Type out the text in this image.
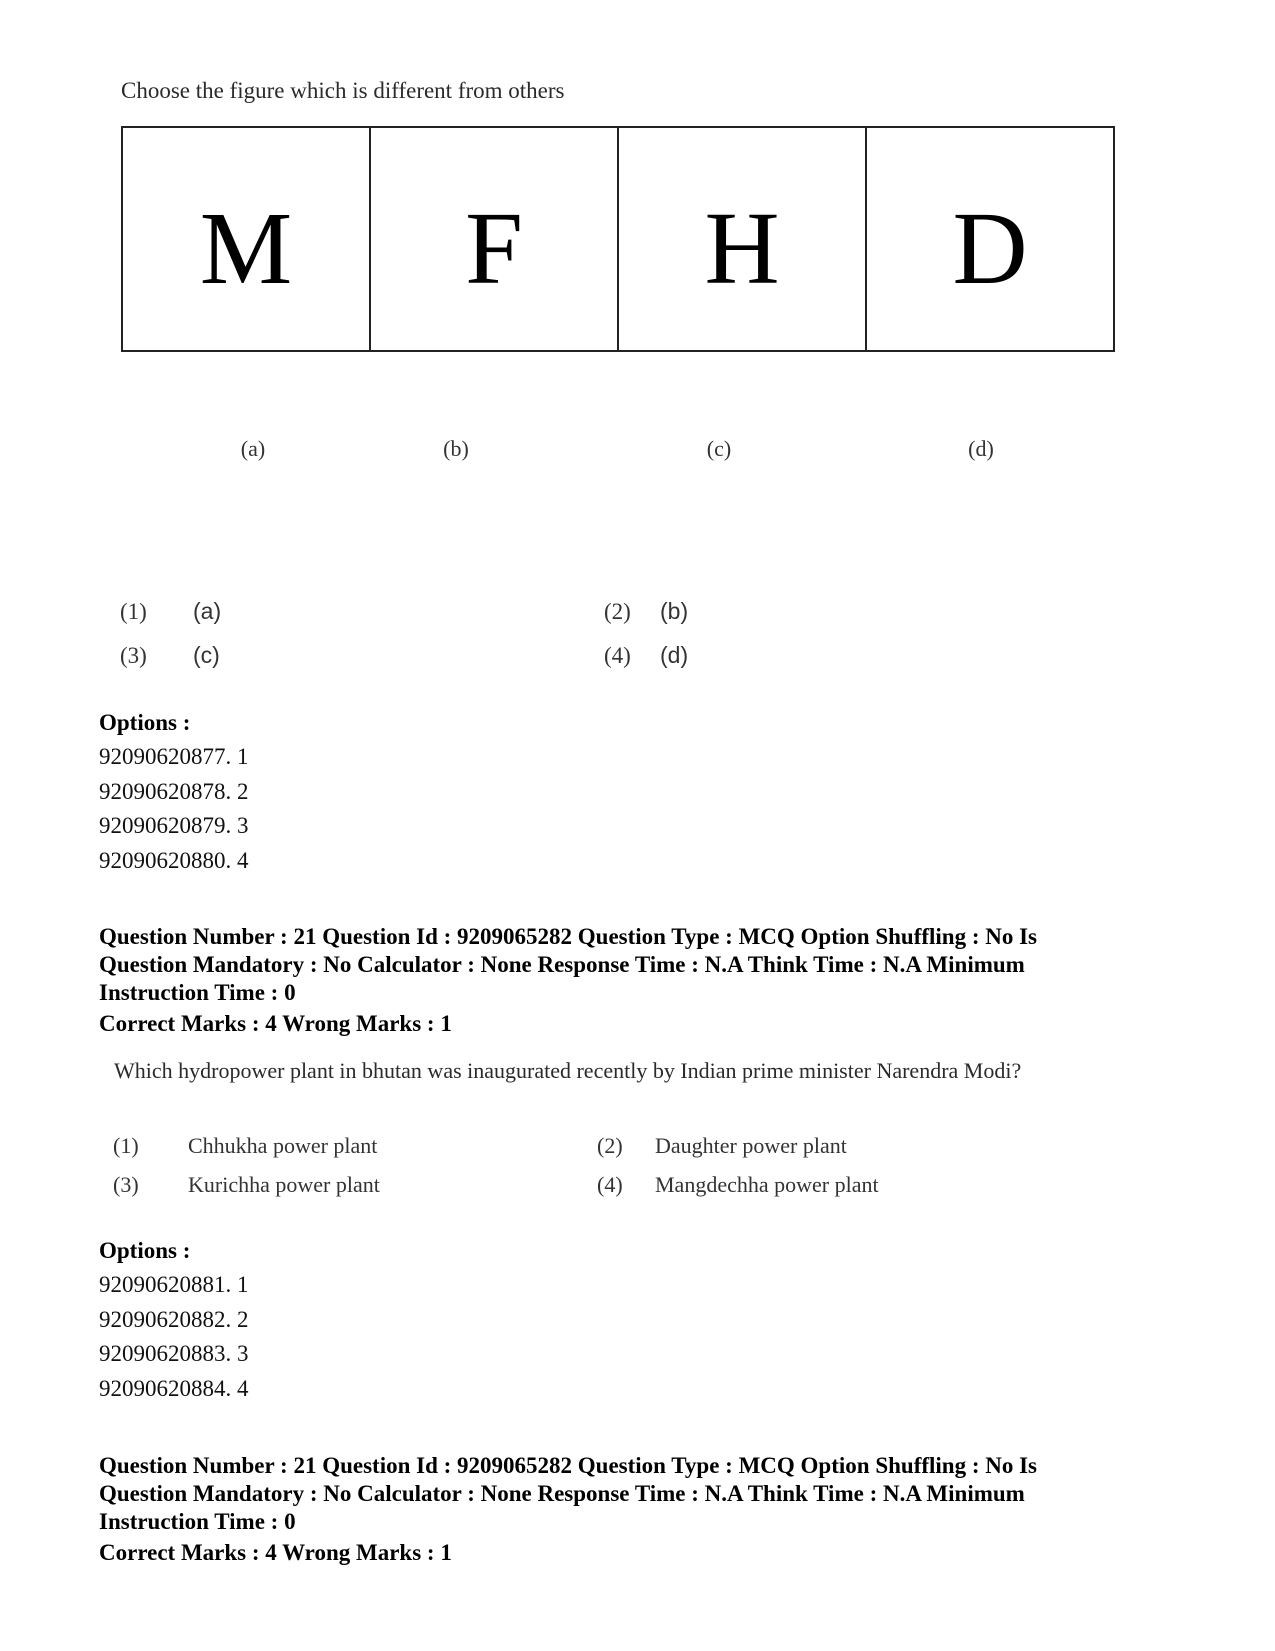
Choose the figure which is different from others
M	F	H	D
(a)	(b)	(c)	(d)
(1) (a)	(2) (b)
(3) (c)	(4) (d)
Options :
92090620877. 1
92090620878. 2
92090620879. 3
92090620880. 4
Question Number : 21 Question Id : 9209065282 Question Type : MCQ Option Shuffling : No Is Question Mandatory : No Calculator : None Response Time : N.A Think Time : N.A Minimum Instruction Time : 0
Correct Marks : 4 Wrong Marks : 1
Which hydropower plant in bhutan was inaugurated recently by Indian prime minister Narendra Modi?
(1) Chhukha power plant	(2) Daughter power plant
(3) Kurichha power plant	(4) Mangdechha power plant
Options :
92090620881. 1
92090620882. 2
92090620883. 3
92090620884. 4
Question Number : 21 Question Id : 9209065282 Question Type : MCQ Option Shuffling : No Is Question Mandatory : No Calculator : None Response Time : N.A Think Time : N.A Minimum Instruction Time : 0
Correct Marks : 4 Wrong Marks : 1
